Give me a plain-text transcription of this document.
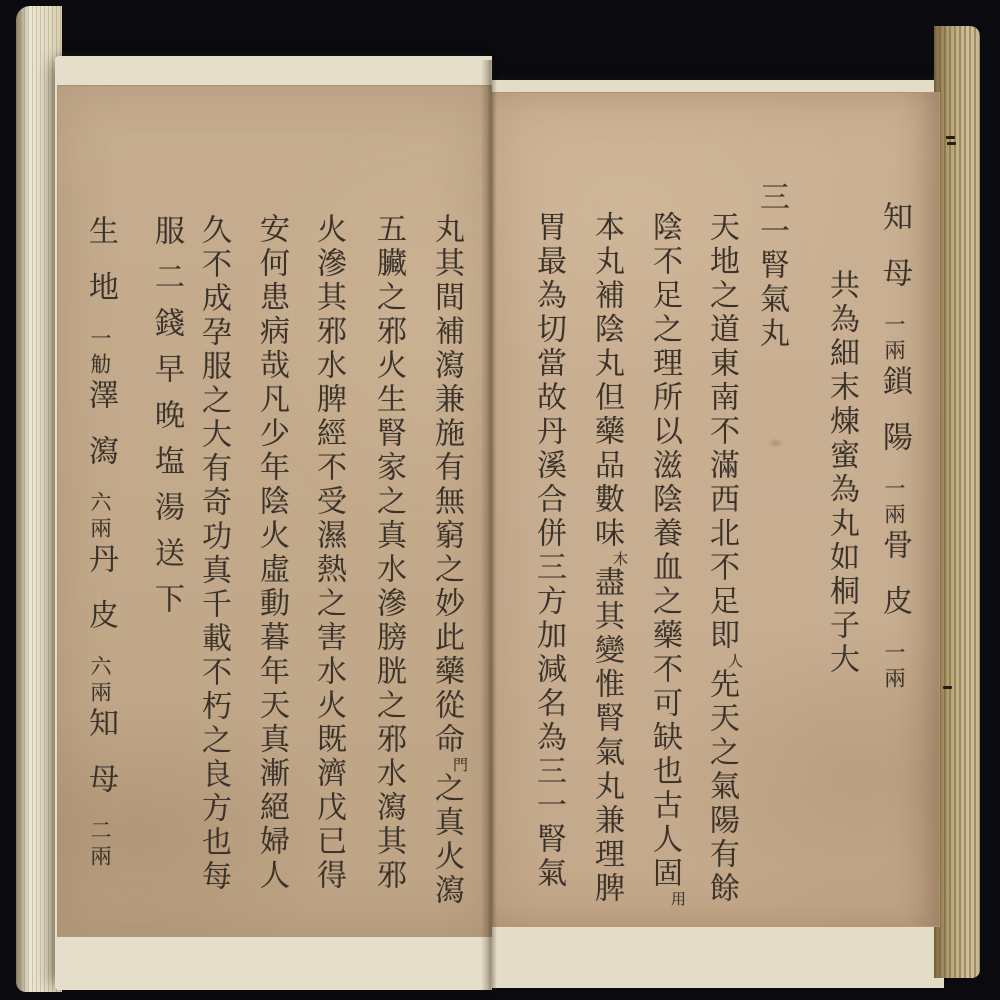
丸其間補瀉兼施有無窮之妙此藥從命門之真火瀉
五臟之邪火生腎家之真水滲膀胱之邪水瀉其邪
火滲其邪水脾經不受濕熱之害水火既濟戊已得
安何患病哉凡少年陰火虛動暮年天真漸絕婦人
久不成孕服之大有奇功真千載不朽之良方也每
服二錢早晚塩湯送下
生地一觔澤瀉六兩丹皮六兩知母二兩
知母一兩鎖陽一兩骨皮一兩
共為細末煉蜜為丸如桐子大
三一腎氣丸
天地之道東南不滿西北不足即人先天之氣陽有餘
陰不足之理所以滋陰養血之藥不可缺也古人固用
本丸補陰丸但藥品數味木盡其變惟腎氣丸兼理脾
胃最為切當故丹溪合併三方加減名為三一腎氣
